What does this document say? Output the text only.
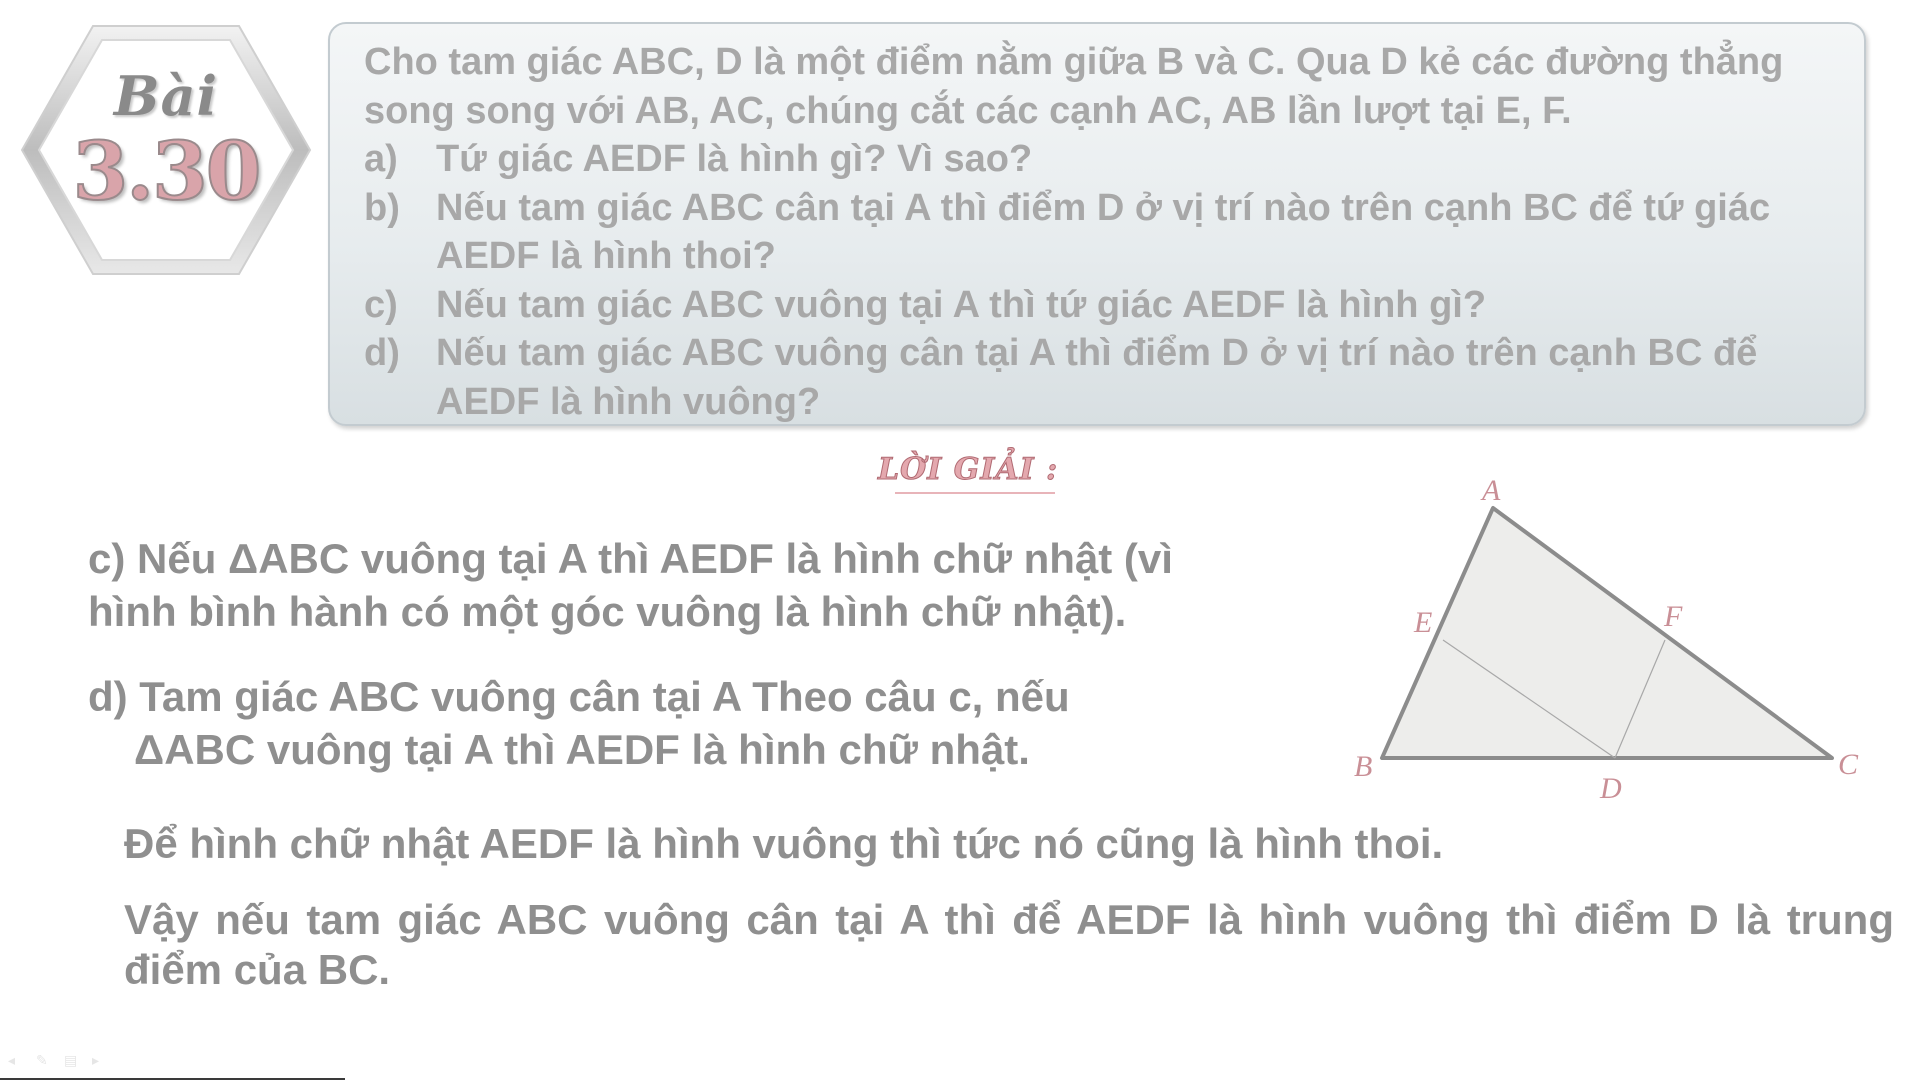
Bài
3.30

Cho tam giác ABC, D là một điểm nằm giữa B và C. Qua D kẻ các đường thẳng song song với AB, AC, chúng cắt các cạnh AC, AB lần lượt tại E, F.

a)	Tứ giác AEDF là hình gì? Vì sao?
b) Nếu tam giác ABC cân tại A thì điểm D ở vị trí nào trên cạnh BC để tứ giác AEDF là hình thoi?
c)	Nếu tam giác ABC vuông tại A thì tứ giác AEDF là hình gì?
d) Nếu tam giác ABC vuông cân tại A thì điểm D ở vị trí nào trên cạnh BC để AEDF là hình vuông?
LỜI GIẢI :
c) Nếu ΔABC vuông tại A thì AEDF là hình chữ nhật (vì hình bình hành có một góc vuông là hình chữ nhật).
d) Tam giác ABC vuông cân tại A Theo câu c, nếu
ΔABC vuông tại A thì AEDF là hình chữ nhật.
Để hình chữ nhật AEDF là hình vuông thì tức nó cũng là hình thoi.
Vậy nếu tam giác ABC vuông cân tại A thì để AEDF là hình vuông thì điểm D là trung điểm của BC.
A
B	C
D
E	F
◂	✎ ▤ ▸
